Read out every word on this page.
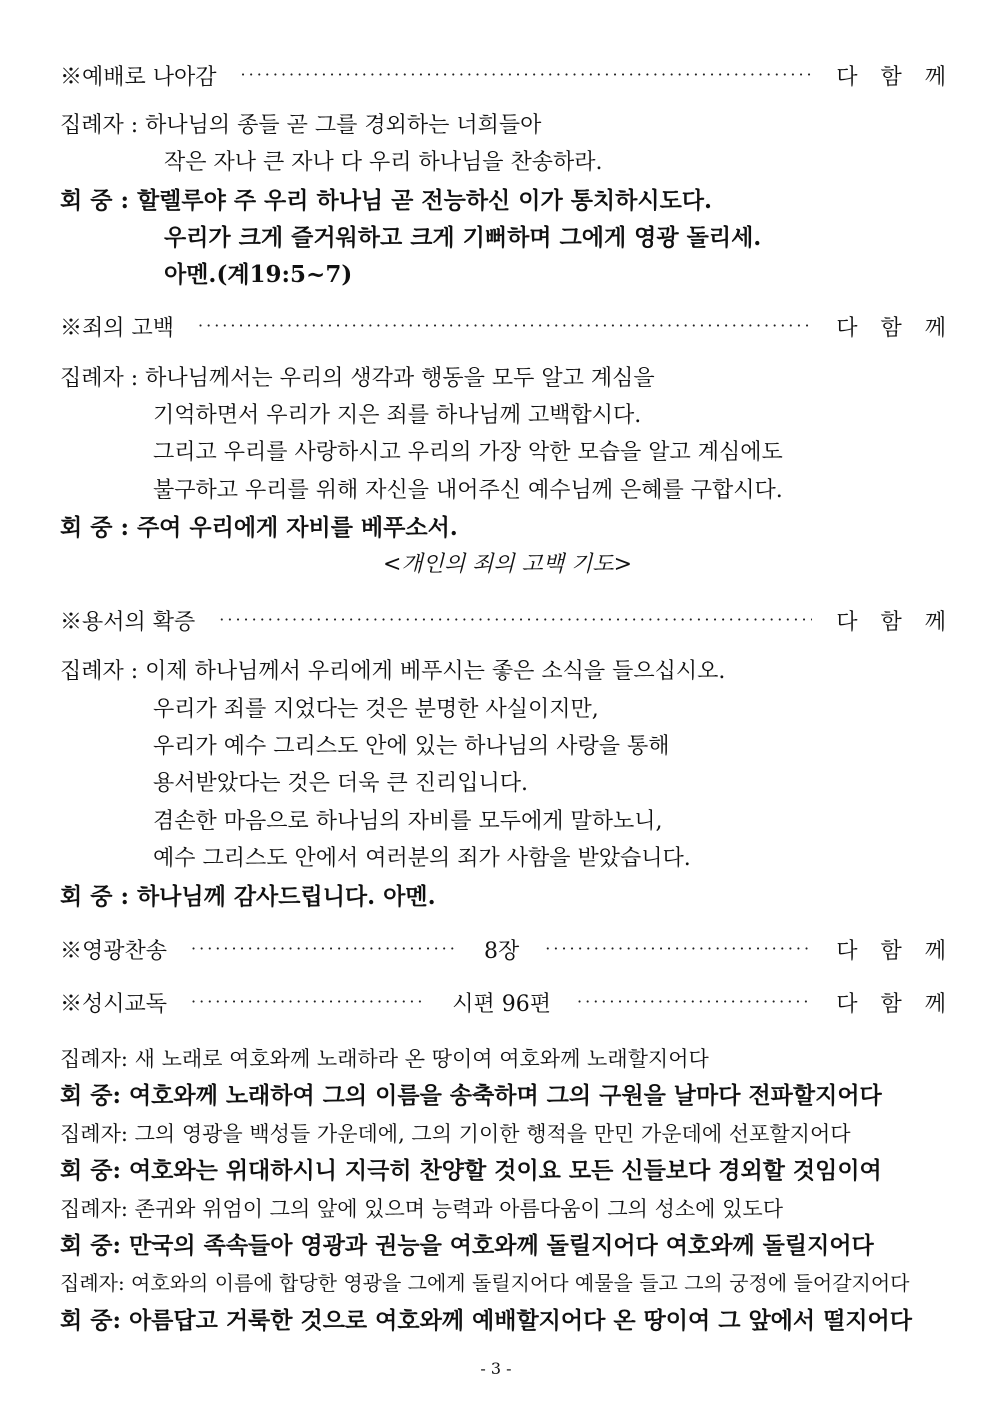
※예배로 나아감 ·····	다 함 께
집례자 : 하나님의 종들 곧 그를 경외하는 너희들아
작은 자나 큰 자나 다 우리 하나님을 찬송하라.
회 중 : 할렐루야 주 우리 하나님 곧 전능하신 이가 통치하시도다.
우리가 크게 즐거워하고 크게 기뻐하며 그에게 영광 돌리세.
아멘.(계19:5~7)
※죄의 고백 ·····	다 함 께
집례자 : 하나님께서는 우리의 생각과 행동을 모두 알고 계심을
기억하면서 우리가 지은 죄를 하나님께 고백합시다.
그리고 우리를 사랑하시고 우리의 가장 악한 모습을 알고 계심에도
불구하고 우리를 위해 자신을 내어주신 예수님께 은혜를 구합시다.
회 중 : 주여 우리에게 자비를 베푸소서.
<개인의 죄의 고백 기도>
※용서의 확증 ·····	다 함 께
집례자 : 이제 하나님께서 우리에게 베푸시는 좋은 소식을 들으십시오.
우리가 죄를 지었다는 것은 분명한 사실이지만,
우리가 예수 그리스도 안에 있는 하나님의 사랑을 통해
용서받았다는 것은 더욱 큰 진리입니다.
겸손한 마음으로 하나님의 자비를 모두에게 말하노니,
예수 그리스도 안에서 여러분의 죄가 사함을 받았습니다.
회 중 : 하나님께 감사드립니다. 아멘.
※영광찬송 ·····	8장 ·····	다 함 께
※성시교독 ·····	시편 96편 ·····	다 함 께
집례자: 새 노래로 여호와께 노래하라 온 땅이여 여호와께 노래할지어다
회 중: 여호와께 노래하여 그의 이름을 송축하며 그의 구원을 날마다 전파할지어다
집례자: 그의 영광을 백성들 가운데에, 그의 기이한 행적을 만민 가운데에 선포할지어다
회 중: 여호와는 위대하시니 지극히 찬양할 것이요 모든 신들보다 경외할 것임이여
집례자: 존귀와 위엄이 그의 앞에 있으며 능력과 아름다움이 그의 성소에 있도다
회 중: 만국의 족속들아 영광과 권능을 여호와께 돌릴지어다 여호와께 돌릴지어다
집례자: 여호와의 이름에 합당한 영광을 그에게 돌릴지어다 예물을 들고 그의 궁정에 들어갈지어다
회 중: 아름답고 거룩한 것으로 여호와께 예배할지어다 온 땅이여 그 앞에서 떨지어다
- 3 -
